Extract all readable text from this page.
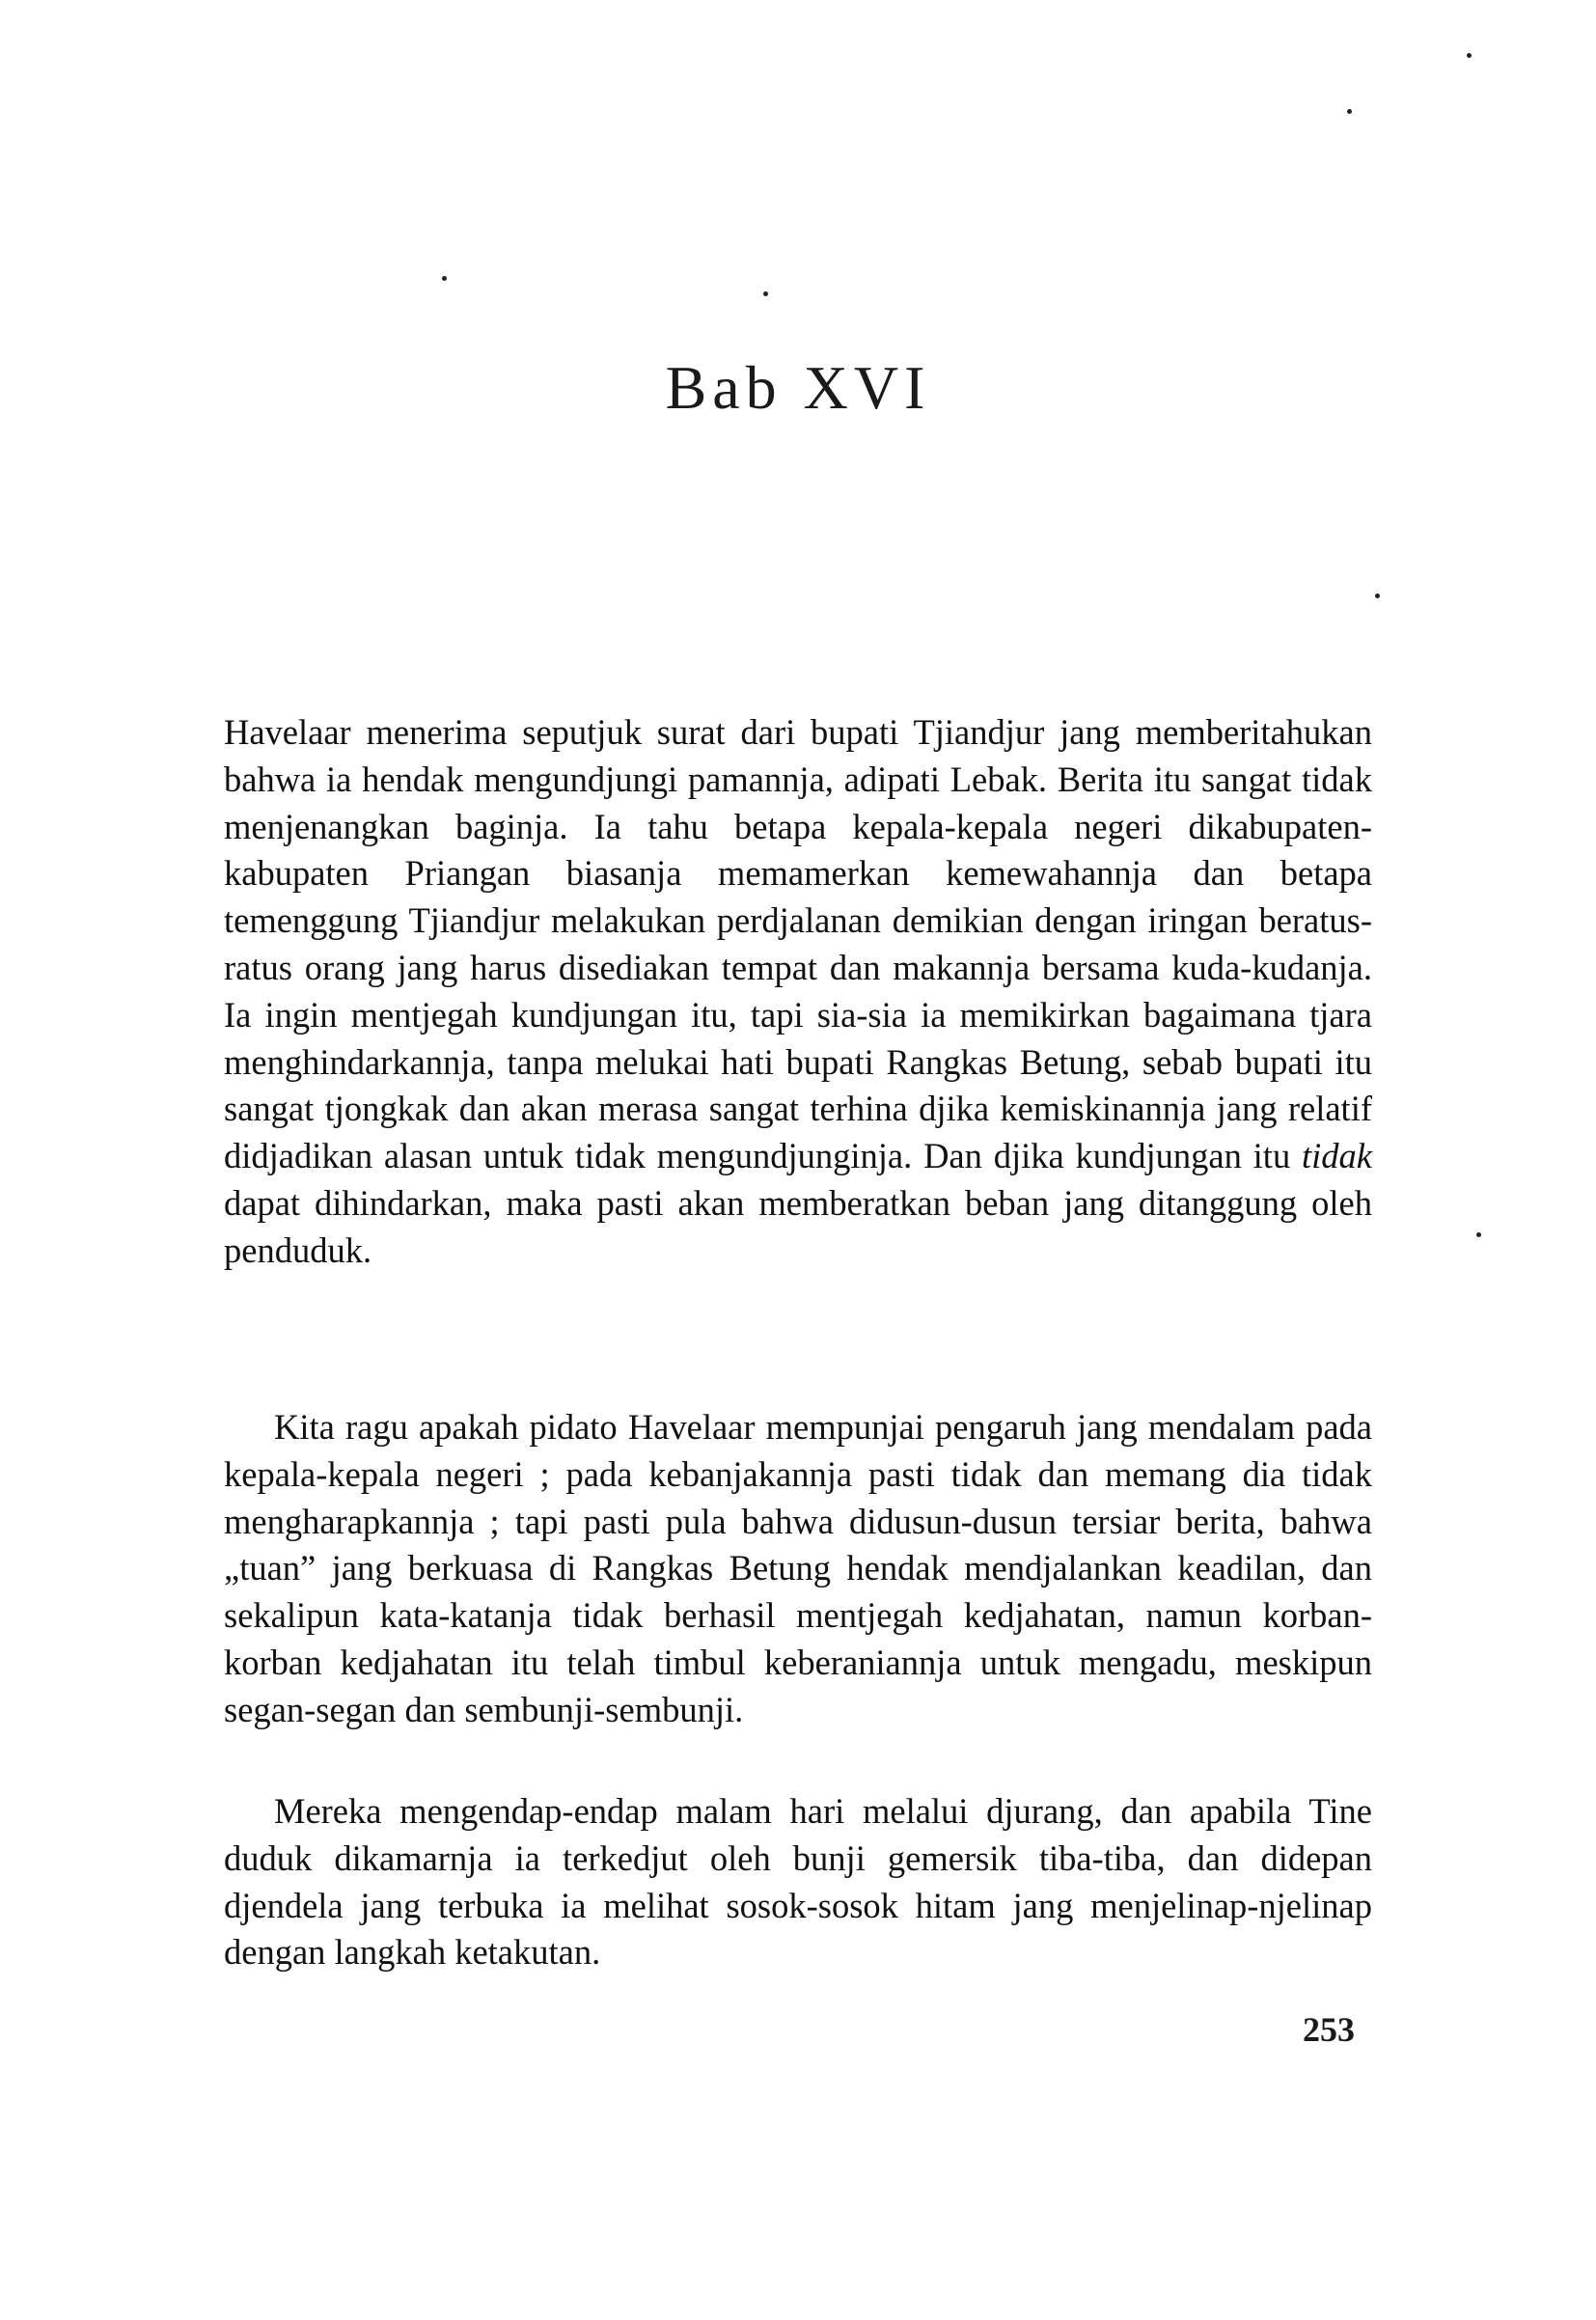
Bab XVI

Havelaar menerima seputjuk surat dari bupati Tjiandjur jang memberitahukan bahwa ia hendak mengundjungi pamannja, adipati Lebak. Berita itu sangat tidak menjenangkan baginja. Ia tahu betapa kepala-kepala negeri dikabupaten-kabupaten Priangan biasanja memamerkan kemewahannja dan betapa temenggung Tjiandjur melakukan perdjalanan demikian dengan iringan beratus-ratus orang jang harus disediakan tempat dan makannja bersama kuda-kudanja. Ia ingin mentjegah kundjungan itu, tapi sia-sia ia memikirkan bagaimana tjara menghindarkannja, tanpa melukai hati bupati Rangkas Betung, sebab bupati itu sangat tjongkak dan akan merasa sangat terhina djika kemiskinannja jang relatif didjadikan alasan untuk tidak mengundjunginja. Dan djika kundjungan itu tidak dapat dihindarkan, maka pasti akan memberatkan beban jang ditanggung oleh penduduk.

Kita ragu apakah pidato Havelaar mempunjai pengaruh jang mendalam pada kepala-kepala negeri ; pada kebanjakannja pasti tidak dan memang dia tidak mengharapkannja ; tapi pasti pula bahwa didusun-dusun tersiar berita, bahwa „tuan” jang berkuasa di Rangkas Betung hendak mendjalankan keadilan, dan sekalipun kata-katanja tidak berhasil mentjegah kedjahatan, namun korban-korban kedjahatan itu telah timbul keberaniannja untuk mengadu, meskipun segan-segan dan sembunji-sembunji.

Mereka mengendap-endap malam hari melalui djurang, dan apabila Tine duduk dikamarnja ia terkedjut oleh bunji gemersik tiba-tiba, dan didepan djendela jang terbuka ia melihat sosok-sosok hitam jang menjelinap-njelinap dengan langkah ketakutan.

253
